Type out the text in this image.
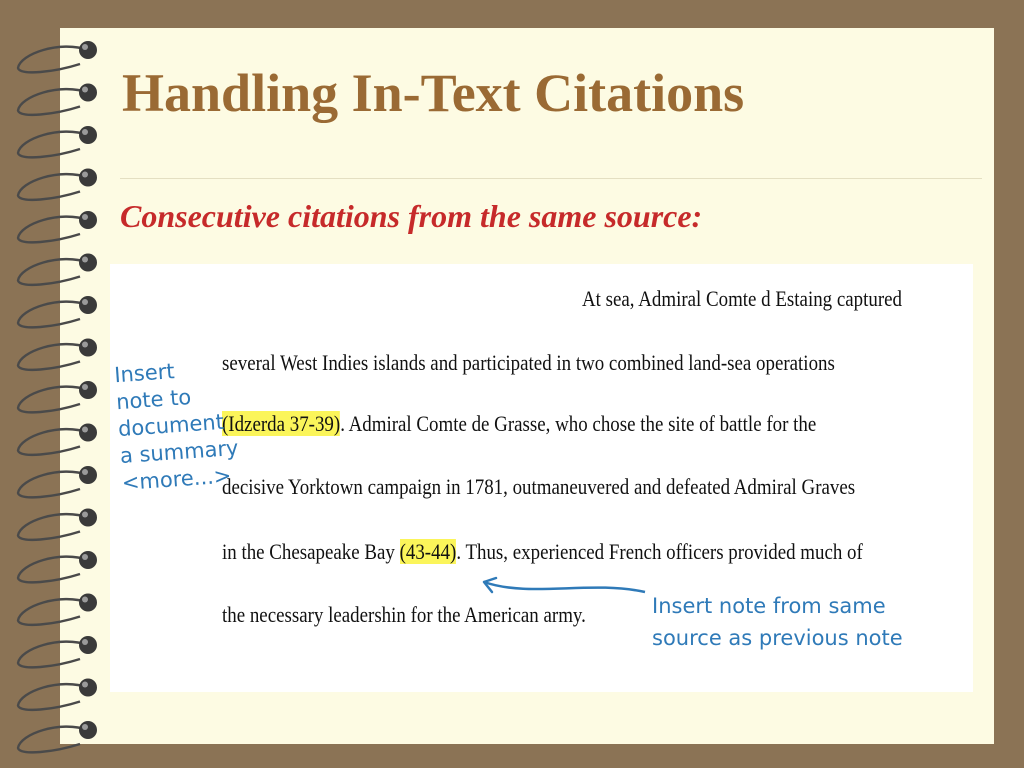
Handling In-Text Citations
Consecutive citations from the same source:
At sea, Admiral Comte d Estaing captured
several West Indies islands and participated in two combined land-sea operations
(Idzerda 37-39). Admiral Comte de Grasse, who chose the site of battle for the
decisive Yorktown campaign in 1781, outmaneuvered and defeated Admiral Graves
in the Chesapeake Bay (43-44). Thus, experienced French officers provided much of
the necessary leadershin for the American army.
Insert
note to
document
a summary
<more...>
Insert note from same
source as previous note
